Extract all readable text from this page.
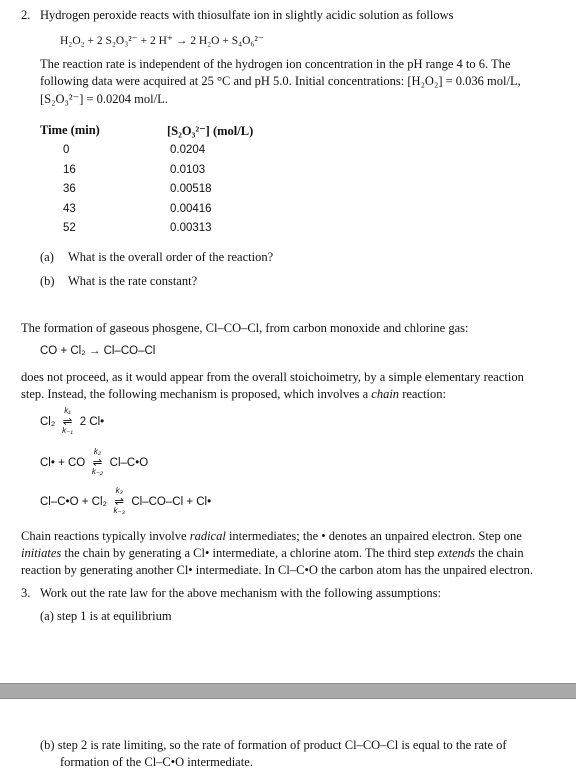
2. Hydrogen peroxide reacts with thiosulfate ion in slightly acidic solution as follows
H₂O₂ + 2 S₂O₃²⁻ + 2 H⁺ → 2 H₂O + S₄O₆²⁻
The reaction rate is independent of the hydrogen ion concentration in the pH range 4 to 6. The
following data were acquired at 25 °C and pH 5.0. Initial concentrations: [H₂O₂] = 0.036 mol/L,
[S₂O₃²⁻] = 0.0204 mol/L.
Time (min)	[S₂O₃²⁻] (mol/L)
0	0.0204
16	0.0103
36	0.00518
43	0.00416
52	0.00313
(a) What is the overall order of the reaction?
(b) What is the rate constant?
The formation of gaseous phosgene, Cl–CO–Cl, from carbon monoxide and chlorine gas:
CO + Cl₂ → Cl–CO–Cl
does not proceed, as it would appear from the overall stoichoimetry, by a simple elementary reaction
step. Instead, the following mechanism is proposed, which involves a chain reaction:
Cl₂ ⇌
k₁
k₋₁
2 Cl•
Cl• + CO ⇌
k₂
k₋₂
Cl–C•O
Cl–C•O + Cl₂ ⇌
k₃
k₋₃
Cl–CO–Cl + Cl•
Chain reactions typically involve radical intermediates; the • denotes an unpaired electron. Step one
initiates the chain by generating a Cl• intermediate, a chlorine atom. The third step extends the chain
reaction by generating another Cl• intermediate. In Cl–C•O the carbon atom has the unpaired electron.
3. Work out the rate law for the above mechanism with the following assumptions:
(a) step 1 is at equilibrium
(b) step 2 is rate limiting, so the rate of formation of product Cl–CO–Cl is equal to the rate of
formation of the Cl–C•O intermediate.
